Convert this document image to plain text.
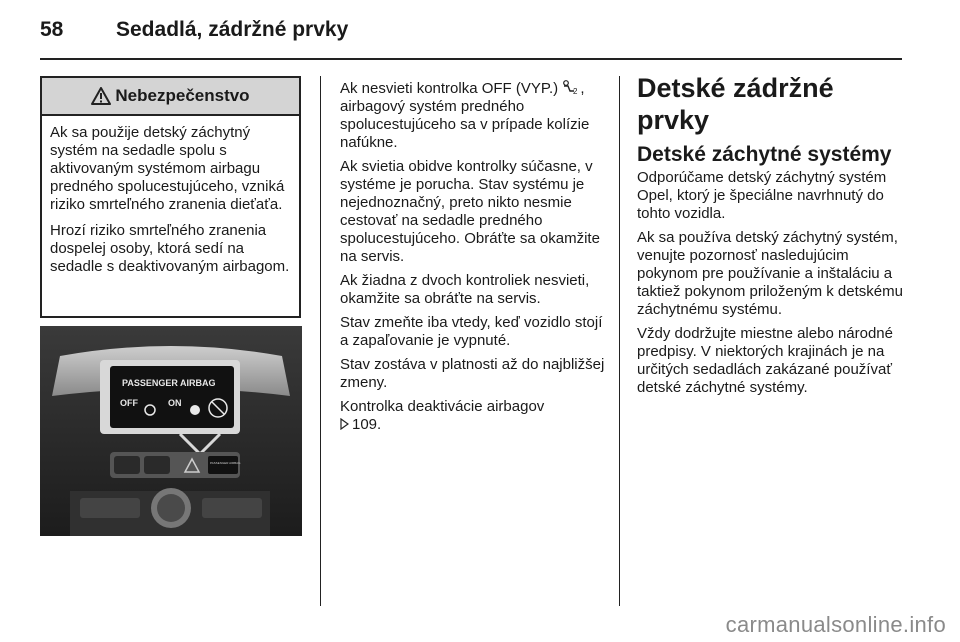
58	Sedadlá, zádržné prvky
Nebezpečenstvo

Ak sa použije detský záchytný systém na sedadle spolu s aktivovaným systémom airbagu predného spolucestujúceho, vzniká riziko smrteľného zranenia dieťaťa.

Hrozí riziko smrteľného zranenia dospelej osoby, ktorá sedí na sedadle s deaktivovaným airbagom.

PASSENGER AIRBAG
OFF	ON
PASSENGER AIRBAG

Ak nesvieti kontrolka OFF (VYP.) 2 , airbagový systém predného spolucestujúceho sa v prípade kolízie nafúkne.

Ak svietia obidve kontrolky súčasne, v systéme je porucha. Stav systému je nejednoznačný, preto nikto nesmie cestovať na sedadle predného spolucestujúceho. Obráťte sa okamžite na servis.

Ak žiadna z dvoch kontroliek nesvieti, okamžite sa obráťte na servis.

Stav zmeňte iba vtedy, keď vozidlo stojí a zapaľovanie je vypnuté.

Stav zostáva v platnosti až do najbližšej zmeny.

Kontrolka deaktivácie airbagov
109.

Detské zádržné prvky
Detské záchytné systémy

Odporúčame detský záchytný systém Opel, ktorý je špeciálne navrhnutý do tohto vozidla.

Ak sa používa detský záchytný systém, venujte pozornosť nasledujúcim pokynom pre používanie a inštaláciu a taktiež pokynom priloženým k detskému záchytnému systému.

Vždy dodržujte miestne alebo národné predpisy. V niektorých krajinách je na určitých sedadlách zakázané používať detské záchytné systémy.

carmanualsonline.info
